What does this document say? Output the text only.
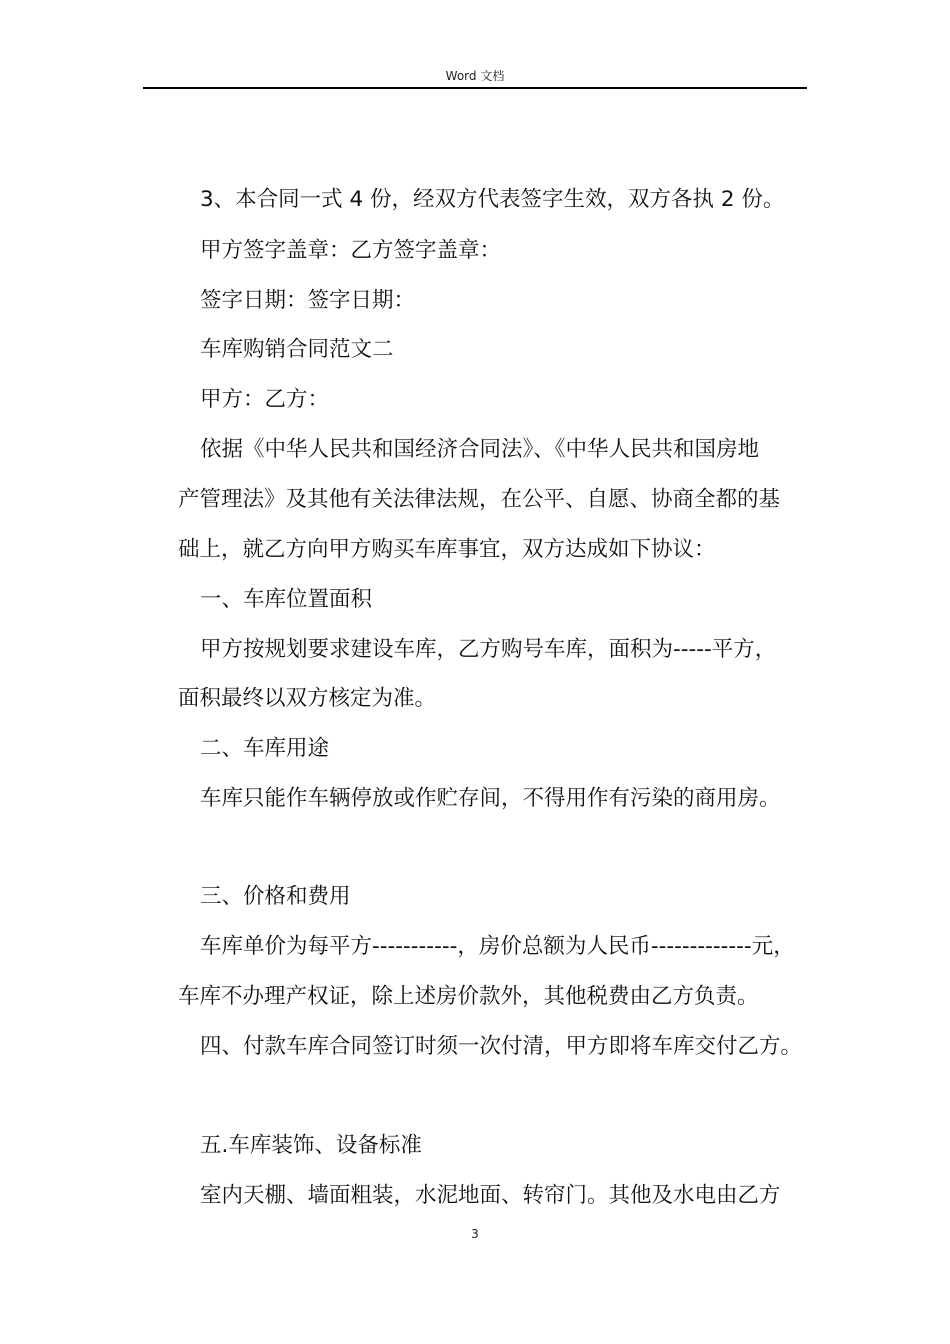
Word 文档
3、本合同一式 4 份，经双方代表签字生效，双方各执 2 份。
甲方签字盖章：乙方签字盖章：
签字日期：签字日期：
车库购销合同范文二
甲方：乙方：
依据《中华人民共和国经济合同法》、《中华人民共和国房地
产管理法》及其他有关法律法规，在公平、自愿、协商全都的基
础上，就乙方向甲方购买车库事宜，双方达成如下协议：
一、车库位置面积
甲方按规划要求建设车库，乙方购号车库，面积为-----平方，
面积最终以双方核定为准。
二、车库用途
车库只能作车辆停放或作贮存间，不得用作有污染的商用房。
三、价格和费用
车库单价为每平方-----------，房价总额为人民币-------------元，
车库不办理产权证，除上述房价款外，其他税费由乙方负责。
四、付款车库合同签订时须一次付清，甲方即将车库交付乙方。
五.车库装饰、设备标准
室内天棚、墙面粗装，水泥地面、转帘门。其他及水电由乙方
3
